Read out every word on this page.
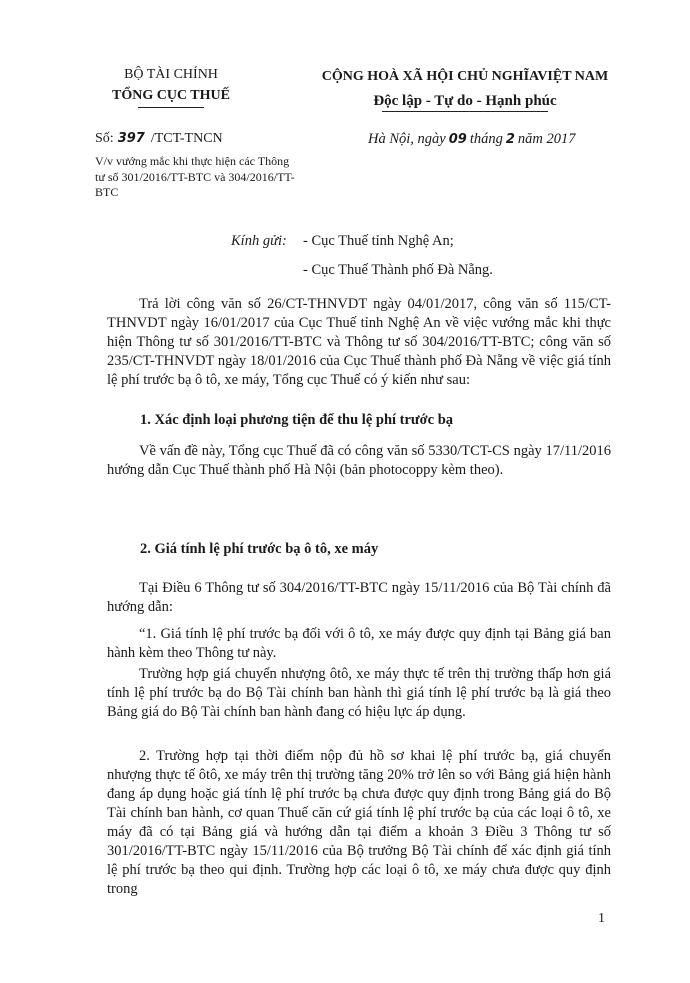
BỘ TÀI CHÍNH
TỔNG CỤC THUẾ
CỘNG HOÀ XÃ HỘI CHỦ NGHĨAVIỆT NAM
Độc lập - Tự do - Hạnh phúc
Số: 397 /TCT-TNCN
V/v vướng mắc khi thực hiện các Thông tư số 301/2016/TT-BTC và 304/2016/TT-BTC
Hà Nội, ngày 09 tháng 2 năm 2017
Kính gửi: - Cục Thuế tỉnh Nghệ An;
- Cục Thuế Thành phố Đà Nẵng.
Trả lời công văn số 26/CT-THNVDT ngày 04/01/2017, công văn số 115/CT-THNVDT ngày 16/01/2017 của Cục Thuế tỉnh Nghệ An về việc vướng mắc khi thực hiện Thông tư số 301/2016/TT-BTC và Thông tư số 304/2016/TT-BTC; công văn số 235/CT-THNVDT ngày 18/01/2016 của Cục Thuế thành phố Đà Nẵng về việc giá tính lệ phí trước bạ ô tô, xe máy, Tổng cục Thuế có ý kiến như sau:
1. Xác định loại phương tiện để thu lệ phí trước bạ
Về vấn đề này, Tổng cục Thuế đã có công văn số 5330/TCT-CS ngày 17/11/2016 hướng dẫn Cục Thuế thành phố Hà Nội (bản photocoppy kèm theo).
2. Giá tính lệ phí trước bạ ô tô, xe máy
Tại Điều 6 Thông tư số 304/2016/TT-BTC ngày 15/11/2016 của Bộ Tài chính đã hướng dẫn:
“1. Giá tính lệ phí trước bạ đối với ô tô, xe máy được quy định tại Bảng giá ban hành kèm theo Thông tư này.
Trường hợp giá chuyển nhượng ôtô, xe máy thực tế trên thị trường thấp hơn giá tính lệ phí trước bạ do Bộ Tài chính ban hành thì giá tính lệ phí trước bạ là giá theo Bảng giá do Bộ Tài chính ban hành đang có hiệu lực áp dụng.
2. Trường hợp tại thời điểm nộp đủ hồ sơ khai lệ phí trước bạ, giá chuyển nhượng thực tế ôtô, xe máy trên thị trường tăng 20% trở lên so với Bảng giá hiện hành đang áp dụng hoặc giá tính lệ phí trước bạ chưa được quy định trong Bảng giá do Bộ Tài chính ban hành, cơ quan Thuế căn cứ giá tính lệ phí trước bạ của các loại ô tô, xe máy đã có tại Bảng giá và hướng dẫn tại điểm a khoản 3 Điều 3 Thông tư số 301/2016/TT-BTC ngày 15/11/2016 của Bộ trưởng Bộ Tài chính để xác định giá tính lệ phí trước bạ theo qui định. Trường hợp các loại ô tô, xe máy chưa được quy định trong
1
